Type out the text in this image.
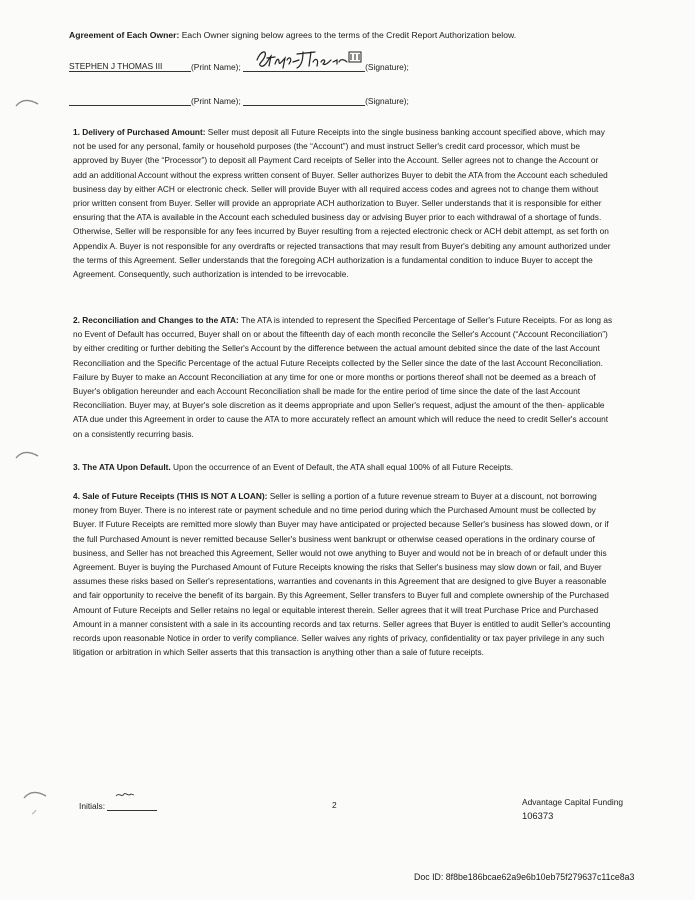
Agreement of Each Owner: Each Owner signing below agrees to the terms of the Credit Report Authorization below.
STEPHEN J THOMAS III	(Print Name);	(Signature);
(Print Name);	(Signature);
1. Delivery of Purchased Amount: Seller must deposit all Future Receipts into the single business banking account specified above, which may not be used for any personal, family or household purposes (the “Account”) and must instruct Seller's credit card processor, which must be approved by Buyer (the “Processor”) to deposit all Payment Card receipts of Seller into the Account. Seller agrees not to change the Account or add an additional Account without the express written consent of Buyer. Seller authorizes Buyer to debit the ATA from the Account each scheduled business day by either ACH or electronic check. Seller will provide Buyer with all required access codes and agrees not to change them without prior written consent from Buyer. Seller will provide an appropriate ACH authorization to Buyer. Seller understands that it is responsible for either ensuring that the ATA is available in the Account each scheduled business day or advising Buyer prior to each withdrawal of a shortage of funds. Otherwise, Seller will be responsible for any fees incurred by Buyer resulting from a rejected electronic check or ACH debit attempt, as set forth on Appendix A. Buyer is not responsible for any overdrafts or rejected transactions that may result from Buyer's debiting any amount authorized under the terms of this Agreement. Seller understands that the foregoing ACH authorization is a fundamental condition to induce Buyer to accept the Agreement. Consequently, such authorization is intended to be irrevocable.
2. Reconciliation and Changes to the ATA: The ATA is intended to represent the Specified Percentage of Seller's Future Receipts. For as long as no Event of Default has occurred, Buyer shall on or about the fifteenth day of each month reconcile the Seller's Account (“Account Reconciliation”) by either crediting or further debiting the Seller's Account by the difference between the actual amount debited since the date of the last Account Reconciliation and the Specific Percentage of the actual Future Receipts collected by the Seller since the date of the last Account Reconciliation. Failure by Buyer to make an Account Reconciliation at any time for one or more months or portions thereof shall not be deemed as a breach of Buyer's obligation hereunder and each Account Reconciliation shall be made for the entire period of time since the date of the last Account Reconciliation. Buyer may, at Buyer's sole discretion as it deems appropriate and upon Seller's request, adjust the amount of the then- applicable ATA due under this Agreement in order to cause the ATA to more accurately reflect an amount which will reduce the need to credit Seller's account on a consistently recurring basis.
3. The ATA Upon Default. Upon the occurrence of an Event of Default, the ATA shall equal 100% of all Future Receipts.
4. Sale of Future Receipts (THIS IS NOT A LOAN): Seller is selling a portion of a future revenue stream to Buyer at a discount, not borrowing money from Buyer. There is no interest rate or payment schedule and no time period during which the Purchased Amount must be collected by Buyer. If Future Receipts are remitted more slowly than Buyer may have anticipated or projected because Seller's business has slowed down, or if the full Purchased Amount is never remitted because Seller's business went bankrupt or otherwise ceased operations in the ordinary course of business, and Seller has not breached this Agreement, Seller would not owe anything to Buyer and would not be in breach of or default under this Agreement. Buyer is buying the Purchased Amount of Future Receipts knowing the risks that Seller's business may slow down or fail, and Buyer assumes these risks based on Seller's representations, warranties and covenants in this Agreement that are designed to give Buyer a reasonable and fair opportunity to receive the benefit of its bargain. By this Agreement, Seller transfers to Buyer full and complete ownership of the Purchased Amount of Future Receipts and Seller retains no legal or equitable interest therein. Seller agrees that it will treat Purchase Price and Purchased Amount in a manner consistent with a sale in its accounting records and tax returns. Seller agrees that Buyer is entitled to audit Seller's accounting records upon reasonable Notice in order to verify compliance. Seller waives any rights of privacy, confidentiality or tax payer privilege in any such litigation or arbitration in which Seller asserts that this transaction is anything other than a sale of future receipts.
Initials:	2	Advantage Capital Funding
106373
Doc ID: 8f8be186bcae62a9e6b10eb75f279637c11ce8a3
